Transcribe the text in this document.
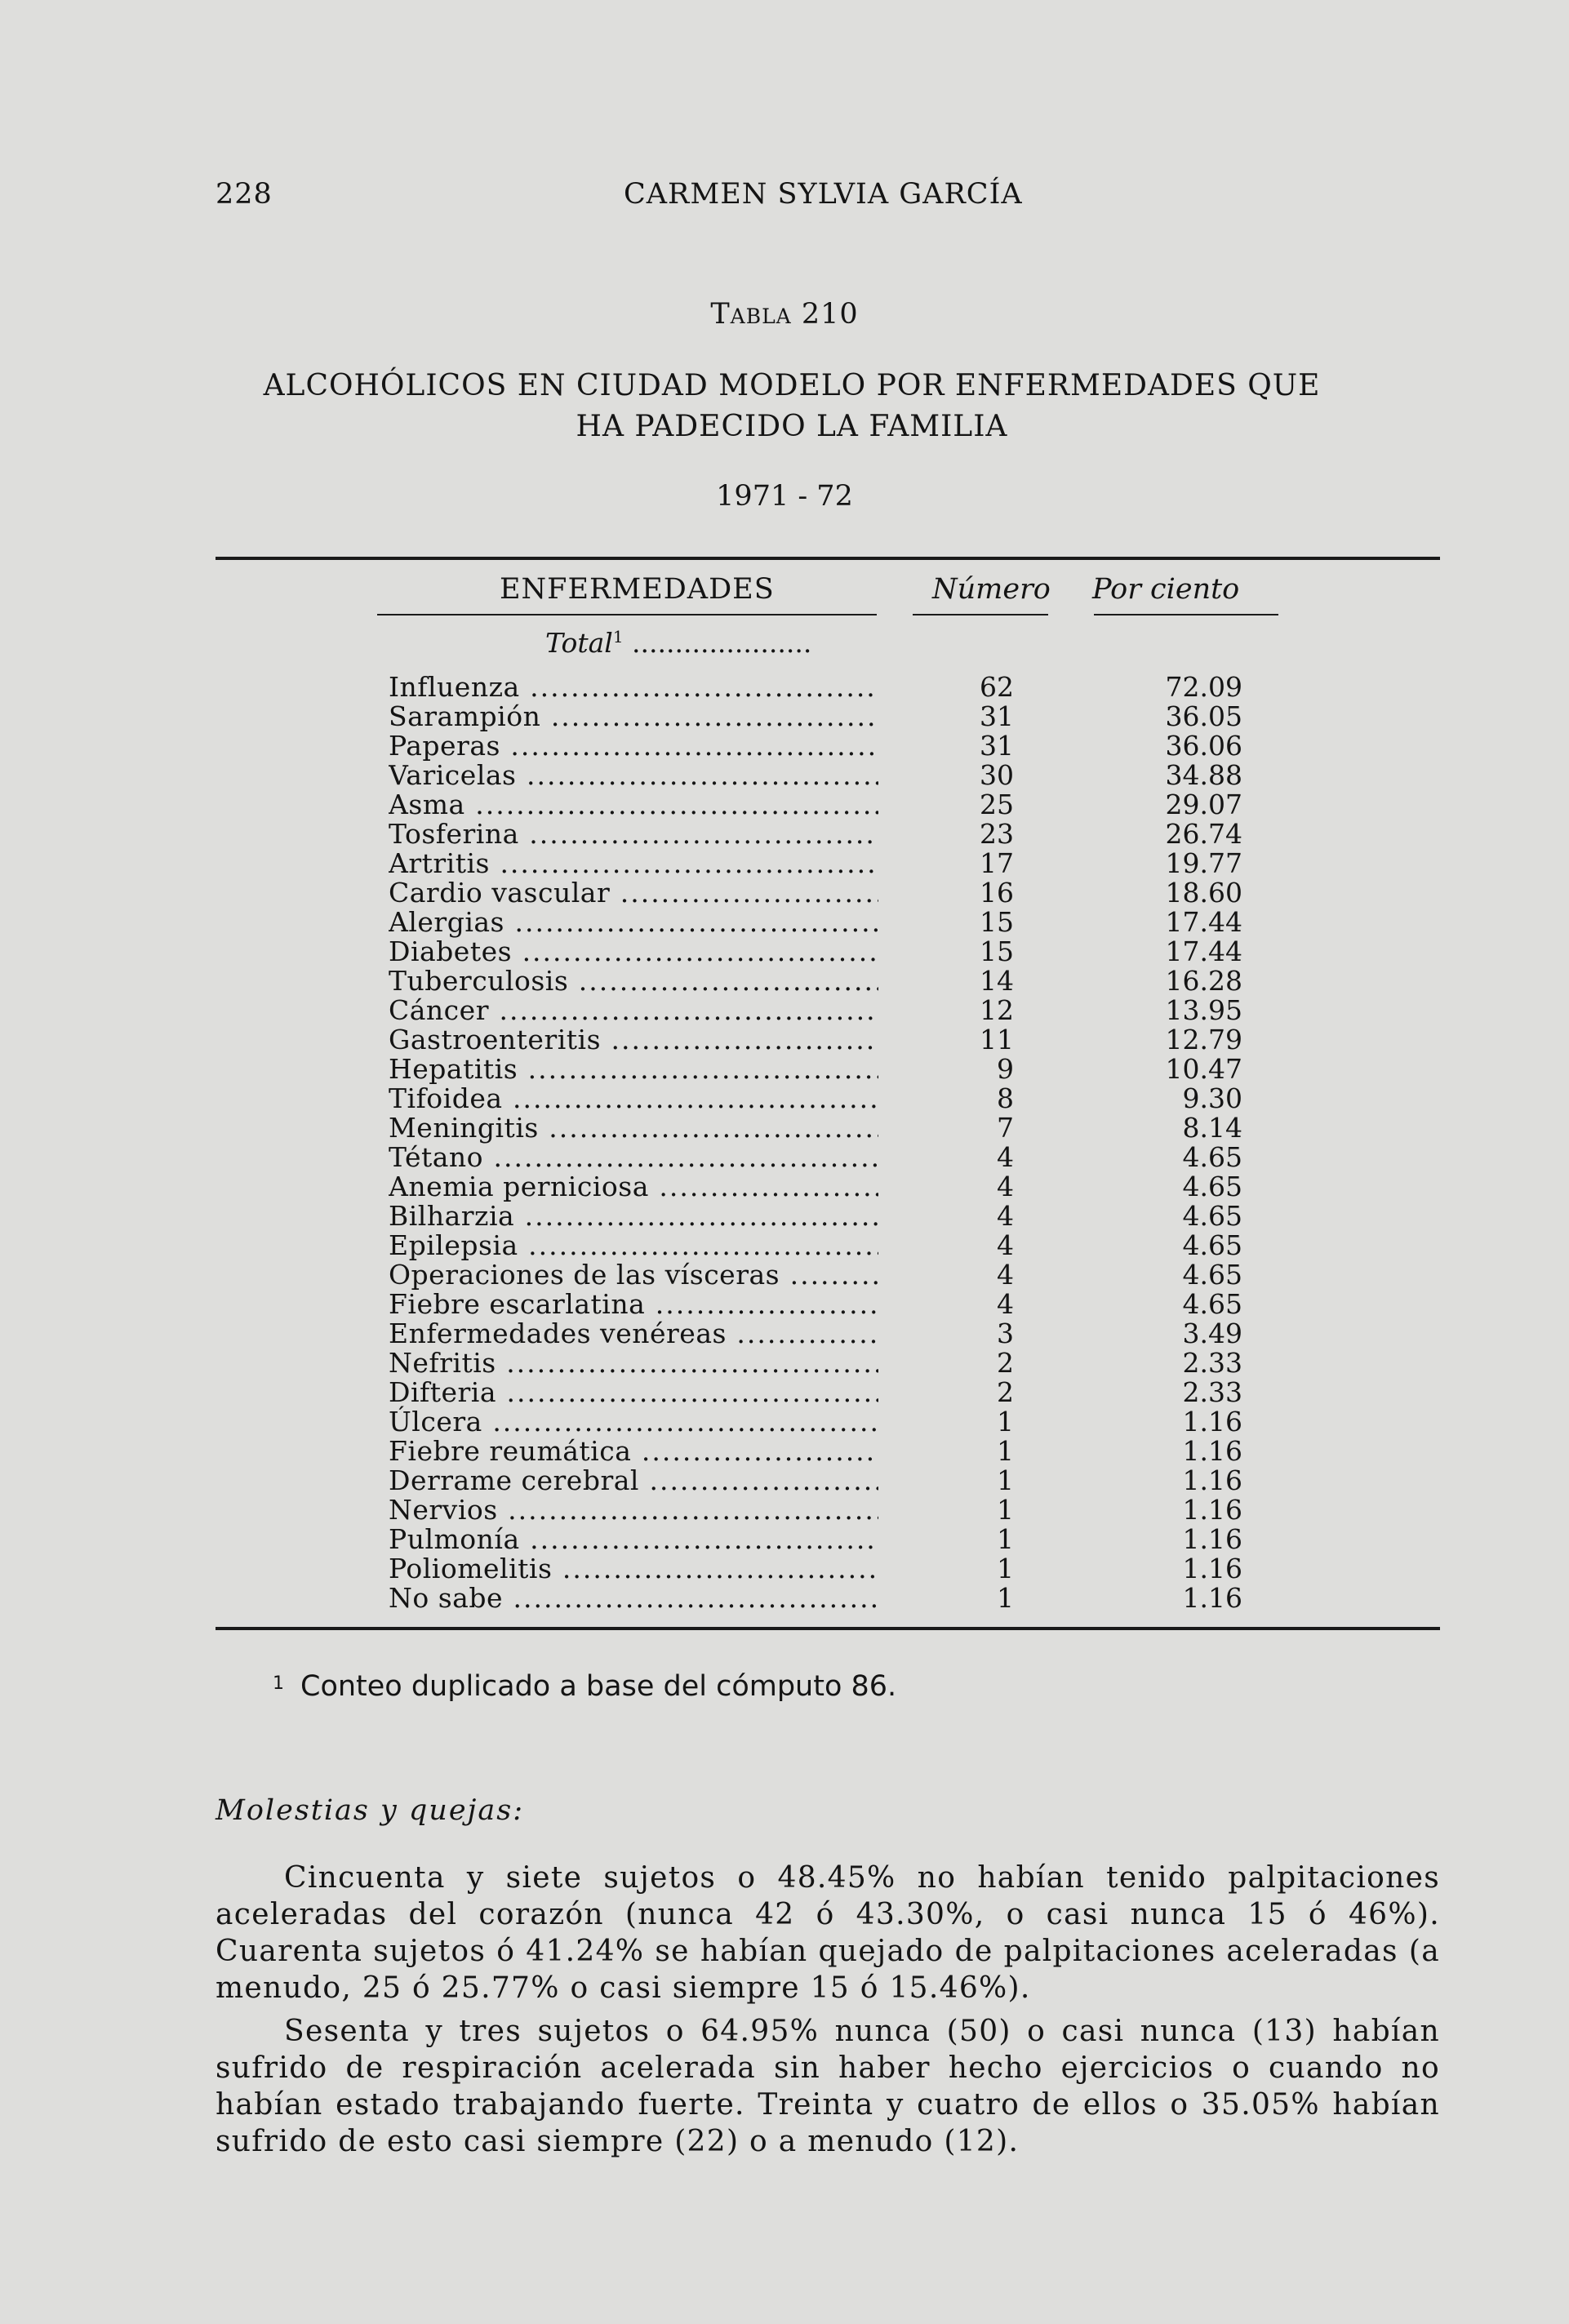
228	CARMEN SYLVIA GARCÍA
Tabla 210
ALCOHÓLICOS EN CIUDAD MODELO POR ENFERMEDADES QUE HA PADECIDO LA FAMILIA
1971 - 72
ENFERMEDADES	Número Por ciento
Total$^1$ .....................
Influenza .....	62	72.09
Sarampión .....	31	36.05
Paperas .....	31	36.06
Varicelas .....	30	34.88
Asma .....	25	29.07
Tosferina .....	23	26.74
Artritis .....	17	19.77
Cardio vascular .....	16	18.60
Alergias .....	15	17.44
Diabetes .....	15	17.44
Tuberculosis .....	14	16.28
Cáncer .....	12	13.95
Gastroenteritis .....	11	12.79
Hepatitis .....	9	10.47
Tifoidea .....	8	9.30
Meningitis .....	7	8.14
Tétano .....	4	4.65
Anemia perniciosa .....	4	4.65
Bilharzia .....	4	4.65
Epilepsia .....	4	4.65
Operaciones de las vísceras .....	4	4.65
Fiebre escarlatina .....	4	4.65
Enfermedades venéreas .....	3	3.49
Nefritis .....	2	2.33
Difteria .....	2	2.33
Úlcera .....	1	1.16
Fiebre reumática .....	1	1.16
Derrame cerebral .....	1	1.16
Nervios .....	1	1.16
Pulmonía .....	1	1.16
Poliomelitis .....	1	1.16
No sabe .....	1	1.16
$^1$ Conteo duplicado a base del cómputo 86.
Molestias y quejas:

Cincuenta y siete sujetos o 48.45% no habían tenido palpitaciones aceleradas del corazón (nunca 42 ó 43.30%, o casi nunca 15 ó 46%). Cuarenta sujetos ó 41.24% se habían quejado de palpitaciones aceleradas (a menudo, 25 ó 25.77% o casi siempre 15 ó 15.46%).

Sesenta y tres sujetos o 64.95% nunca (50) o casi nunca (13) habían sufrido de respiración acelerada sin haber hecho ejercicios o cuando no habían estado trabajando fuerte. Treinta y cuatro de ellos o 35.05% habían sufrido de esto casi siempre (22) o a menudo (12).
